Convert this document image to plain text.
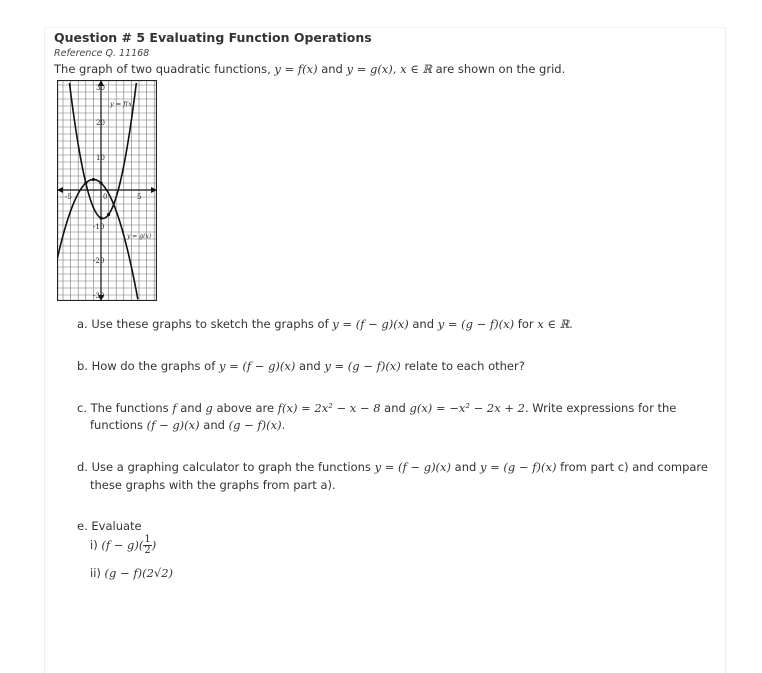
Question # 5 Evaluating Function Operations
Reference Q. 11168
The graph of two quadratic functions, y = f(x) and y = g(x), x ∈ ℝ are shown on the grid.
30
20
10
-10
-20
-30
-5	0	5
y = f(x)
y = g(x)
a. Use these graphs to sketch the graphs of y = (f − g)(x) and y = (g − f)(x) for x ∈ ℝ.
b. How do the graphs of y = (f − g)(x) and y = (g − f)(x) relate to each other?
c. The functions f and g above are f(x) = 2x² − x − 8 and g(x) = −x² − 2x + 2. Write expressions for the
functions (f − g)(x) and (g − f)(x).
d. Use a graphing calculator to graph the functions y = (f − g)(x) and y = (g − f)(x) from part c) and compare
these graphs with the graphs from part a).
e. Evaluate
i) $(f - g)( \frac{1}{2}$ )
ii) (g − f)(2√2)
